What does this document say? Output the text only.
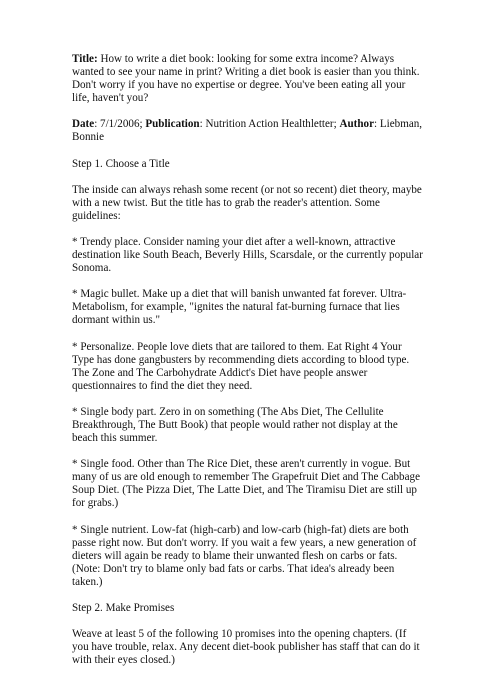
Title: How to write a diet book: looking for some extra income? Always wanted to see your name in print? Writing a diet book is easier than you think. Don't worry if you have no expertise or degree. You've been eating all your life, haven't you?

Date: 7/1/2006; Publication: Nutrition Action Healthletter; Author: Liebman, Bonnie

Step 1. Choose a Title

The inside can always rehash some recent (or not so recent) diet theory, maybe with a new twist. But the title has to grab the reader's attention. Some guidelines:

* Trendy place. Consider naming your diet after a well-known, attractive destination like South Beach, Beverly Hills, Scarsdale, or the currently popular Sonoma.

* Magic bullet. Make up a diet that will banish unwanted fat forever. Ultra-Metabolism, for example, "ignites the natural fat-burning furnace that lies dormant within us."

* Personalize. People love diets that are tailored to them. Eat Right 4 Your Type has done gangbusters by recommending diets according to blood type. The Zone and The Carbohydrate Addict's Diet have people answer questionnaires to find the diet they need.

* Single body part. Zero in on something (The Abs Diet, The Cellulite Breakthrough, The Butt Book) that people would rather not display at the beach this summer.

* Single food. Other than The Rice Diet, these aren't currently in vogue. But many of us are old enough to remember The Grapefruit Diet and The Cabbage Soup Diet. (The Pizza Diet, The Latte Diet, and The Tiramisu Diet are still up for grabs.)

* Single nutrient. Low-fat (high-carb) and low-carb (high-fat) diets are both passe right now. But don't worry. If you wait a few years, a new generation of dieters will again be ready to blame their unwanted flesh on carbs or fats. (Note: Don't try to blame only bad fats or carbs. That idea's already been taken.)

Step 2. Make Promises

Weave at least 5 of the following 10 promises into the opening chapters. (If you have trouble, relax. Any decent diet-book publisher has staff that can do it with their eyes closed.)
